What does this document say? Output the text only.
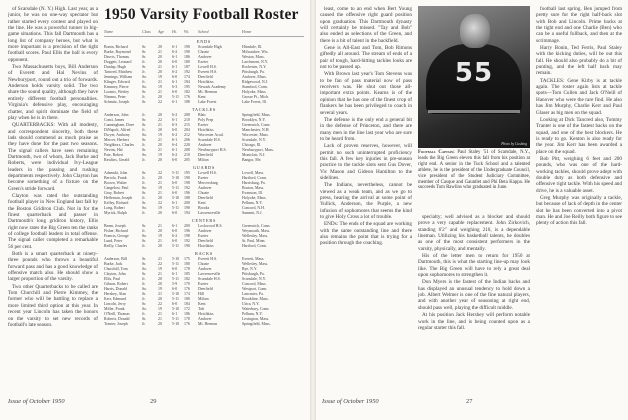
of Scarsdale (N. Y.) High. Last year, as a junior, he was no one-way spectator but rather started every contest and played on the line. He was a powerful runner in big-game situations. This fall Dartmouth has a long list of company heroes, but what is more important is a precision of the tight football scores. Paul Ellis the ball is every opponent.

Two Massachusetts boys, Bill Anderson of Everett and Hal Nevins of Newburyport, round out a trio of forwards. Anderson holds varsity solid. The two share the sound quality, although they have entirely different football personalities. Virginia's defensive play, encouraging chatter, and spirit dominate the field of play when he is in there.

QUARTERBACKS: With all modesty, and correspondent sincerity, both these lads should commend as much praise as they have done for the past two seasons. The signal callers have seen remaining Dartmouth, two of whom, Jack Burke and Roberts, were individual Ivy-League leaders in the passing and rushing departments respectively. John Clayton has become something of a fixture on the Green's stride forward.

Clayton was rated the outstanding football player in New England last fall by the Boston Gridiron Club. Not in for the finest quarterback and passer in Dartmouth's long gridiron history, Ellis right now rates the Big Green ten the ranks of college football leaders in total offense. The signal caller completed a remarkable 56 per cent.

Both is a smart quarterback at ninety-three pounds who throws a beautiful forward pass and has a good knowledge of offensive match also. He should show a larger proportion of the varsity.

Two other Quarterbacks to be called are Tom Churchill and Pierre Kimmey, the former who will be battling to replace a more limited third option at this year. In recent year Lincoln has taken the honors on the varsity to set new records of football's late season.

1950 Varsity Football Roster
Name	Class	Age	Ht.	Wt.	School	Home
ENDS
Bonin, Richard	Sr.	20	6-1	190	Scarsdale High	Hinsdale, Ill.
Burke, Raymond	Sr.	21	6-2	190	Choate	Milwaukee, Wis.
Dasvis, Thomas	Sr.	20	6-1	186	Andover	Weston, Mass.
Doggett, Leonard	Jr.	20	6-0	180	Exeter	Larchmont, N.Y.
Dunlap, Hugh	Sr.	21	6-1	187	Lowell H.S.	Rochester, N.Y.
Tancred, Matthew	Jr.	20	6-2	192	Everett H.S.	Pittsburgh, Pa.
Jennings, William	So.	19	6-0	174	Deerfield	Andover, Mass.
Klinger, Edward	Jr.	21	6-1	184	Hotchkiss	Ridgewood, N.J.
Kimmey, Pierre	So.	19	6-3	195	Newark Academy	Stamford, Conn.
Loomis, Wesley	Sr.	21	6-0	182	Mt. Hermon	Holyoke, Mass.
Nimmo, Peter	Jr.	20	5-11	176	Kent	Grosse Pt., Mich.
Schmitz, Joseph	Sr.	22	6-1	188	Lake Forest	Lake Forest, Ill.
TACKLES
Anderson, John	Jr.	20	6-2	208	Blair	Springfield, Mass.
Conti, James	Sr.	22	6-1	210	Poly Prep	Brooklyn, N.Y.
Cunningham, Dave	Sr.	21	6-3	215	Exeter	Greenwich, Conn.
DiNapoli, Alfred	Jr.	20	6-0	204	Hotchkiss	Manchester, N.H.
Dwyer, Anthony	So.	19	6-2	212	Worcester Acad.	Worcester, Mass.
Mercer, Herbert	Sr.	21	6-1	206	Scarsdale H.S.	Scarsdale, N.Y.
Neighbors, Charles	Jr.	20	6-4	220	Andover	Chicago, Ill.
Nevins, Hal	Sr.	21	6-1	208	Newburyport H.S.	Newburyport, Mass.
Pate, Robert	So.	19	6-2	210	Deerfield	Montclair, N.J.
Rawlins, Gerald	Jr.	20	6-0	205	Milton	Bangor, Me.
GUARDS
Adamski, John	Sr.	22	5-11	195	Lowell H.S.	Lowell, Mass.
Bertolo, Frank	Jr.	20	5-10	190	Exeter	Hartford, Conn.
Brown, Walter	Jr.	21	6-0	198	Mercersburg	Harrisburg, Pa.
Cangelosi, Paul	So.	19	5-11	192	Andover	Boston, Mass.
Gray, Robert	Sr.	21	6-0	196	Choate	Evanston, Ill.
Heffernan, Joseph	Jr.	20	5-10	188	Deerfield	Holyoke, Mass.
Kelley, Richard	Sr.	22	6-1	200	Kent	Pelham, N.Y.
Long, Robert	So.	19	5-11	190	Brooks	Concord, N.H.
Myrick, Ralph	Jr.	20	6-0	194	Lawrenceville	Summit, N.J.
CENTERS
Beam, Joseph	Sr.	21	6-1	200	Lockwood H.S.	Greenwich, Conn.
Fisher, Richard	Jr.	20	6-0	196	Andover	Weymouth, Mass.
Francis, George	So.	19	6-2	198	Exeter	Wellesley, Mass.
Lund, Peter	Sr.	21	6-0	192	Deerfield	St. Paul, Minn.
Reilly, Charles	Jr.	20	5-11	190	Hotchkiss	Hartford, Conn.
BACKS
Anderson, Bill	Sr.	21	5-10	175	Everett H.S.	Everett, Mass.
Burke, Jack	Sr.	22	5-11	180	Choate	Wellesley, Mass.
Churchill, Tom	So.	19	6-0	178	Andover	Rye, N.Y.
Clayton, John	Sr.	21	6-1	185	Lawrenceville	Pittsburgh, Pa.
Ellis, Paul	Jr.	20	5-11	182	Scarsdale H.S.	Scarsdale, N.Y.
Gibson, Robert	Jr.	20	5-9	170	Exeter	Concord, Mass.
Harris, Donald	So.	19	6-0	176	Deerfield	Westport, Conn.
Hershey, Alan	Sr.	21	5-10	174	Hill	Lancaster, Pa.
Kerr, Edmund	Jr.	20	5-11	180	Milton	Brookline, Mass.
Lincoln, Jerry	Sr.	22	6-0	184	Kent	Utica, N.Y.
Miller, Frank	So.	19	5-10	172	Taft	Waterbury, Conn.
O'Neill, Thomas	Jr.	21	6-1	186	Hotchkiss	Pelham, N.Y.
Roberts, Donald	Sr.	21	5-11	178	Andover	Lexington, Mass.
Tranter, Joseph	Jr.	20	5-10	176	Mt. Hermon	Springfield, Mass.
Issue of October 1950	29

least, come to an end when Bert Young caused the offensive right guard position upon graduation. This Dartmouth dynasty will certainly be missed. "Tay and Bob" also ended as selections of the Green, and there is a bit of talent in the backfield.

Gene is All-East and Tom, Bob Rimons giftedly all around. The stream of ends of a pair of tough, hard-hitting tackles looks are not to be passed up.

With Brown last year's Tom Stevens was to be fan of pass material now of pass receivers was. He shut out those all-important extra points. Kearns is of the opinion that he has one of the finest crop of flankers he has been privileged to coach in several years.

The defense is the only end a general bit in the defense of Princeton, and there are many men in the line last year who are sure to be heard from.

Lack of proven reserves, however, will permit no such uninterrupted proficiency this fall. A few key injuries in pre-season practice to the tackle slots sent Gus Dover, Vic Mason and Gideon Hamilton to the sidelines.

The Indians, nevertheless, cannot be viewed as a weak team, and as we go to press, hearing the arrival at some point of Yullick, Anderson, the Purple, a new infusion of sophomores that seems the kind to give Holy Cross a lot of trouble.

ENDs: The ends of the squad are working with the same outstanding line and there also remains the point that is trying for a position through the coaching.

55
Photo by Cushing
Football Captain: Paul Staley '51 of Scarsdale, N.Y., leads the Big Green eleven this fall from his position at right end. A senior in the Tuck School and a talented athlete, he is the president of the Undergraduate Council, vice president of the Student Judiciary Committee, member of Casque and Gauntlet and Phi Beta Kappa. He succeeds Tom Rawlins who graduated in June.

specialty; well advised as a blocker and should prove a very capable replacement. John Zirkovich, standing 6'2" and weighing 210, is a dependable lineman. Utilizing his basketball talents, he doubles as one of the most consistent performers in the varsity, physically, and mentally.

His of the letter men to return for 1950 at Dartmouth, this is what the starting line-up may look like. The Big Green will have to rely a great deal upon sophomores to strengthen it.

Don Myers is the fastest of the Indian backs and has displayed an unusual tendency to hold down a job. Albert Welmer is one of the fine natural players, and with another year of seasoning at right end, should pass well, playing the difficult middle.

At his position Jack Hershey will perform notable work in the line, and is being counted upon as a regular starter this fall.

football last spring. Ben jumped from pretty sure for the right half-back slot with Bob and Lincoln. Prime backs at the tight end and one Charlie (Ben) who can be a useful fullback, and then at the scrimmage.

Harry Bonin, Ted Ferris, Paul Staley with the kicking duties, will be out this fall. He should also probably do a bit of punting, and the left half back may remain.

TACKLES: Gene Kirby is at tackle again. The roster again lists at tackle spots—Tom Cullen and Jack O'Neill of Hanover who were the rare find. He also has Jim Murphy, Charlie Kerr and Paul Glaser as big men on the squad.

Looking at Dick Tancred also, Tommy Tranter is one of the fastest backs on the squad, and one of the best blockers. He is ready to go. Kenton is also ready for the year. Jim Kerr has been awarded a place on the squad.

Bob Pitt, weighing 6 feet and 200 pounds, who was one of the hard-working tackles, should prove adept with double duty as both defensive and offensive right tackle. With his speed and drive, he is a valuable asset.

Greg Murphy was originally a tackle, but because of lack of depth in the center slot he has been converted into a pivot man. He and Joe Reilly both figure to see plenty of action this fall.

Issue of October 1950	27
